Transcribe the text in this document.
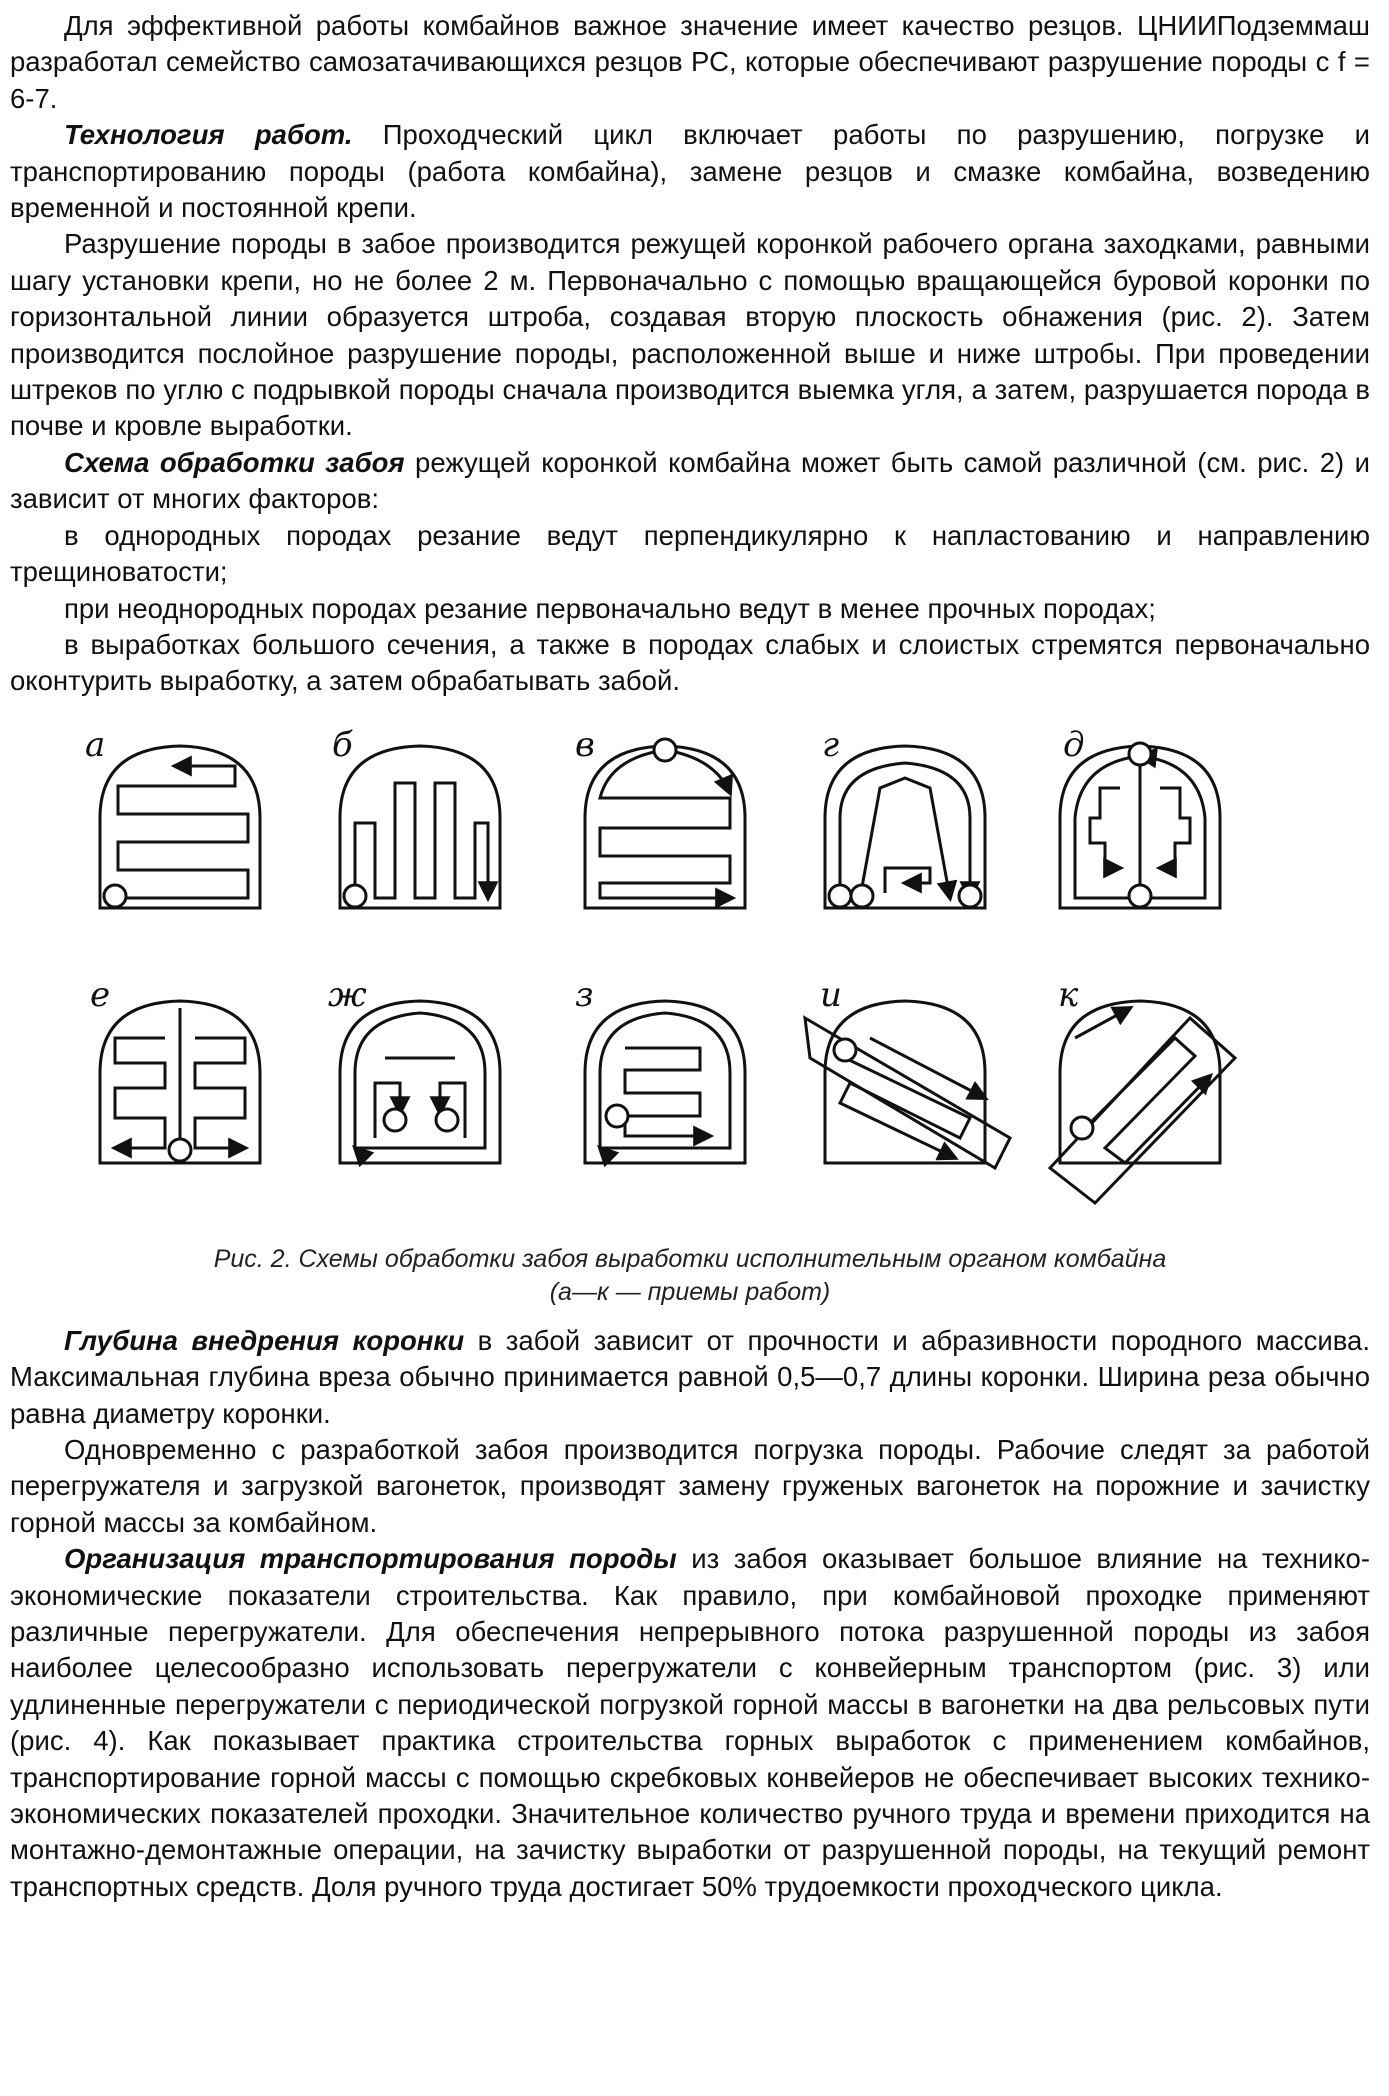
Для эффективной работы комбайнов важное значение имеет качество резцов. ЦНИИПодземмаш разработал семейство самозатачивающихся резцов РС, которые обеспечивают разрушение породы с f = 6-7.

Технология работ. Проходческий цикл включает работы по разрушению, погрузке и транспортированию породы (работа комбайна), замене резцов и смазке комбайна, возведению временной и постоянной крепи.

Разрушение породы в забое производится режущей коронкой рабочего органа заходками, равными шагу установки крепи, но не более 2 м. Первоначально с помощью вращающейся буровой коронки по горизонтальной линии образуется штроба, создавая вторую плоскость обнажения (рис. 2). Затем производится послойное разрушение породы, расположенной выше и ниже штробы. При проведении штреков по углю с подрывкой породы сначала производится выемка угля, а затем, разрушается порода в почве и кровле выработки.

Схема обработки забоя режущей коронкой комбайна может быть самой различной (см. рис. 2) и зависит от многих факторов:

в однородных породах резание ведут перпендикулярно к напластованию и направлению трещиноватости;

при неоднородных породах резание первоначально ведут в менее прочных породах;

в выработках большого сечения, а также в породах слабых и слоистых стремятся первоначально оконтурить выработку, а затем обрабатывать забой.

а	б	в	г	д
е	ж	з	и	к
Рис. 2. Схемы обработки забоя выработки исполнительным органом комбайна
(а—к — приемы работ)

Глубина внедрения коронки в забой зависит от прочности и абразивности породного массива. Максимальная глубина вреза обычно принимается равной 0,5—0,7 длины коронки. Ширина реза обычно равна диаметру коронки.

Одновременно с разработкой забоя производится погрузка породы. Рабочие следят за работой перегружателя и загрузкой вагонеток, производят замену груженых вагонеток на порожние и зачистку горной массы за комбайном.

Организация транспортирования породы из забоя оказывает большое влияние на технико-экономические показатели строительства. Как правило, при комбайновой проходке применяют различные перегружатели. Для обеспечения непрерывного потока разрушенной породы из забоя наиболее целесообразно использовать перегружатели с конвейерным транспортом (рис. 3) или удлиненные перегружатели с периодической погрузкой горной массы в вагонетки на два рельсовых пути (рис. 4). Как показывает практика строительства горных выработок с применением комбайнов, транспортирование горной массы с помощью скребковых конвейеров не обеспечивает высоких технико-экономических показателей проходки. Значительное количество ручного труда и времени приходится на монтажно-демонтажные операции, на зачистку выработки от разрушенной породы, на текущий ремонт транспортных средств. Доля ручного труда достигает 50% трудоемкости проходческого цикла.
